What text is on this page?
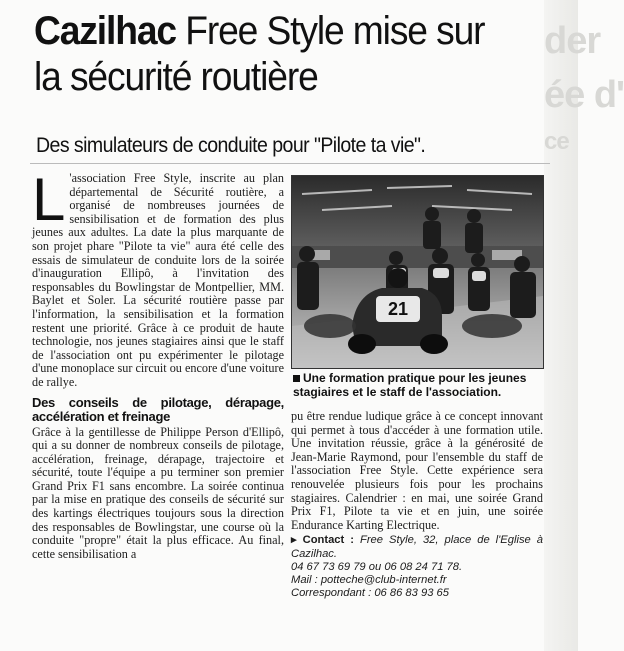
der
ée d'
ce
Cazilhac Free Style mise sur la sécurité routière
Des simulateurs de conduite pour "Pilote ta vie".
L 'association Free Style, inscrite au plan départemental de Sécurité routière, a organisé de nombreuses journées de sensibilisation et de formation des plus jeunes aux adultes. La date la plus marquante de son projet phare "Pilote ta vie" aura été celle des essais de simulateur de conduite lors de la soirée d'inauguration Ellipô, à l'invitation des responsables du Bowlingstar de Montpellier, MM. Baylet et Soler. La sécurité routière passe par l'information, la sensibilisation et la formation restent une priorité. Grâce à ce produit de haute technologie, nos jeunes stagiaires ainsi que le staff de l'association ont pu expérimenter le pilotage d'une monoplace sur circuit ou encore d'une voiture de rallye.
Des conseils de pilotage, dérapage, accélération et freinage
Grâce à la gentillesse de Philippe Person d'Ellipô, qui a su donner de nombreux conseils de pilotage, accélération, freinage, dérapage, trajectoire et sécurité, toute l'équipe a pu terminer son premier Grand Prix F1 sans encombre. La soirée continua par la mise en pratique des conseils de sécurité sur des kartings électriques toujours sous la direction des responsables de Bowlingstar, une course où la conduite "propre" était la plus efficace. Au final, cette sensibilisation a
21
Une formation pratique pour les jeunes stagiaires et le staff de l'association.
pu être rendue ludique grâce à ce concept innovant qui permet à tous d'accéder à une formation utile. Une invitation réussie, grâce à la générosité de Jean-Marie Raymond, pour l'ensemble du staff de l'association Free Style. Cette expérience sera renouvelée plusieurs fois pour les prochains stagiaires. Calendrier : en mai, une soirée Grand Prix F1, Pilote ta vie et en juin, une soirée Endurance Karting Electrique.
▸ Contact : Free Style, 32, place de l'Eglise à Cazilhac.
04 67 73 69 79 ou 06 08 24 71 78.
Mail : potteche@club-internet.fr
Correspondant : 06 86 83 93 65
